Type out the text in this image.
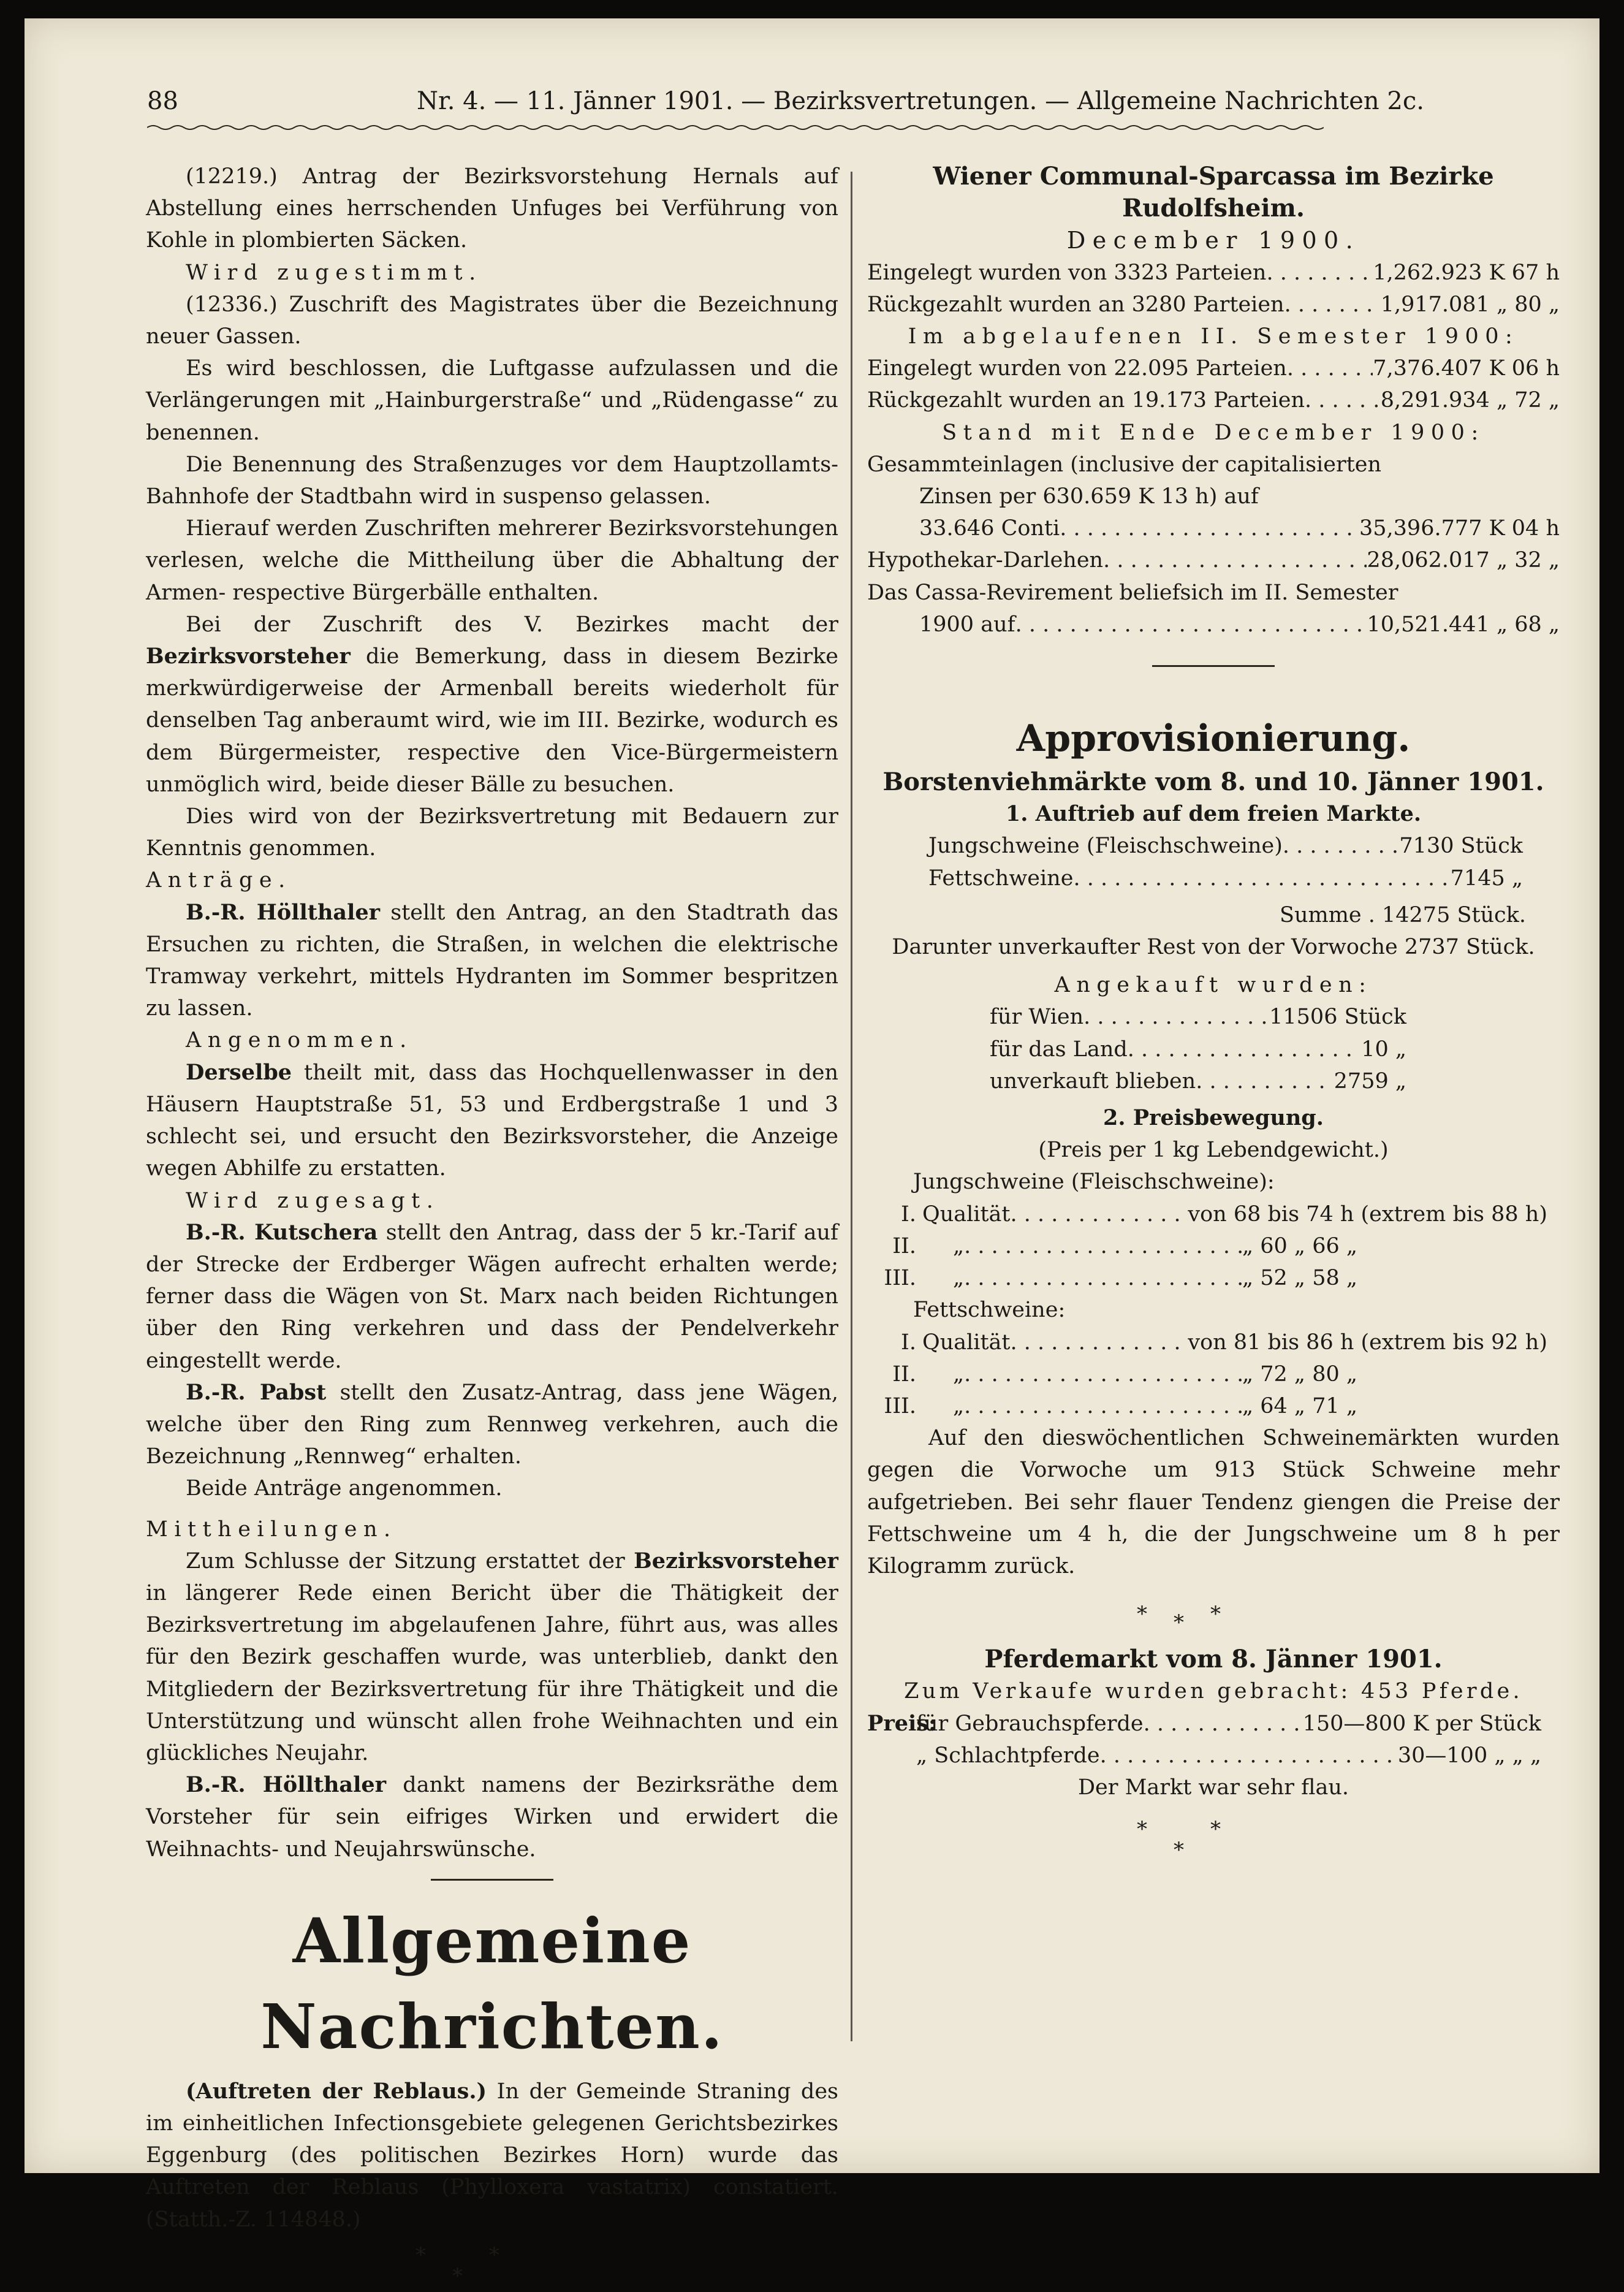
88	Nr. 4. — 11. Jänner 1901. — Bezirksvertretungen. — Allgemeine Nachrichten 2c.

(12219.) Antrag der Bezirksvorstehung Hernals auf Abstellung eines herrschenden Unfuges bei Verführung von Kohle in plombierten Säcken.

Wird zugestimmt.

(12336.) Zuschrift des Magistrates über die Bezeichnung neuer Gassen.

Es wird beschlossen, die Luftgasse aufzulassen und die Verlängerungen mit „Hainburgerstraße“ und „Rüdengasse“ zu benennen.

Die Benennung des Straßenzuges vor dem Hauptzollamts-Bahnhofe der Stadtbahn wird in suspenso gelassen.

Hierauf werden Zuschriften mehrerer Bezirksvorstehungen verlesen, welche die Mittheilung über die Abhaltung der Armen- respective Bürgerbälle enthalten.

Bei der Zuschrift des V. Bezirkes macht der Bezirksvorsteher die Bemerkung, dass in diesem Bezirke merkwürdigerweise der Armenball bereits wiederholt für denselben Tag anberaumt wird, wie im III. Bezirke, wodurch es dem Bürgermeister, respective den Vice-Bürgermeistern unmöglich wird, beide dieser Bälle zu besuchen.

Dies wird von der Bezirksvertretung mit Bedauern zur Kenntnis genommen.

Anträge.

B.-R. Höllthaler stellt den Antrag, an den Stadtrath das Ersuchen zu richten, die Straßen, in welchen die elektrische Tramway verkehrt, mittels Hydranten im Sommer bespritzen zu lassen.

Angenommen.

Derselbe theilt mit, dass das Hochquellenwasser in den Häusern Hauptstraße 51, 53 und Erdbergstraße 1 und 3 schlecht sei, und ersucht den Bezirksvorsteher, die Anzeige wegen Abhilfe zu erstatten.

Wird zugesagt.

B.-R. Kutschera stellt den Antrag, dass der 5 kr.-Tarif auf der Strecke der Erdberger Wägen aufrecht erhalten werde; ferner dass die Wägen von St. Marx nach beiden Richtungen über den Ring verkehren und dass der Pendelverkehr eingestellt werde.

B.-R. Pabst stellt den Zusatz-Antrag, dass jene Wägen, welche über den Ring zum Rennweg verkehren, auch die Bezeichnung „Rennweg“ erhalten.

Beide Anträge angenommen.

Mittheilungen.

Zum Schlusse der Sitzung erstattet der Bezirksvorsteher in längerer Rede einen Bericht über die Thätigkeit der Bezirksvertretung im abgelaufenen Jahre, führt aus, was alles für den Bezirk geschaffen wurde, was unterblieb, dankt den Mitgliedern der Bezirksvertretung für ihre Thätigkeit und die Unterstützung und wünscht allen frohe Weihnachten und ein glückliches Neujahr.

B.-R. Höllthaler dankt namens der Bezirksräthe dem Vorsteher für sein eifriges Wirken und erwidert die Weihnachts- und Neujahrswünsche.

Allgemeine Nachrichten.

(Auftreten der Reblaus.) In der Gemeinde Straning des im einheitlichen Infectionsgebiete gelegenen Gerichtsbezirkes Eggenburg (des politischen Bezirkes Horn) wurde das Auftreten der Reblaus (Phylloxera vastatrix) constatiert. (Statth.-Z. 114848.)

*	*
*
Wiener Communal-Sparcassa im Bezirke Rudolfsheim.
December 1900.
Eingelegt wurden von 3323 Parteien . . .	1,262.923 K 67 h
Rückgezahlt wurden an 3280 Parteien . . .	1,917.081 „ 80 „
Im abgelaufenen II. Semester 1900:
Eingelegt wurden von 22.095 Parteien . . .	7,376.407 K 06 h
Rückgezahlt wurden an 19.173 Parteien . . .	8,291.934 „ 72 „
Stand mit Ende December 1900:
Gesammteinlagen (inclusive der capitalisierten
Zinsen per 630.659 K 13 h) auf
33.646 Conti . . .	35,396.777 K 04 h
Hypothekar-Darlehen . . .	28,062.017 „ 32 „
Das Cassa-Revirement beliefsich im II. Semester
1900 auf . . .	10,521.441 „ 68 „
Approvisionierung.
Borstenviehmärkte vom 8. und 10. Jänner 1901.
1. Auftrieb auf dem freien Markte.
Jungschweine (Fleischschweine) . . .	7130 Stück
Fettschweine . . .	7145 „
Summe . 14275 Stück.
Darunter unverkaufter Rest von der Vorwoche 2737 Stück.
Angekauft wurden:
für Wien . . .	11506 Stück
für das Land . . .	10 „
unverkauft blieben . . .	2759 „
2. Preisbewegung.
(Preis per 1 kg Lebendgewicht.)
Jungschweine (Fleischschweine):
I. Qualität . . .	von 68 bis 74 h (extrem bis 88 h)
II.	„ . . .	„ 60 „ 66 „
III.	„ . . .	„ 52 „ 58 „
Fettschweine:
I. Qualität . . .	von 81 bis 86 h (extrem bis 92 h)
II.	„ . . .	„ 72 „ 80 „
III.	„ . . .	„ 64 „ 71 „

Auf den dieswöchentlichen Schweinemärkten wurden gegen die Vorwoche um 913 Stück Schweine mehr aufgetrieben. Bei sehr flauer Tendenz giengen die Preise der Fettschweine um 4 h, die der Jungschweine um 8 h per Kilogramm zurück.

*	*
*
Pferdemarkt vom 8. Jänner 1901.
Zum Verkaufe wurden gebracht: 453 Pferde.
Preis:
für Gebrauchspferde . . .	150—800 K per Stück
„ Schlachtpferde . . .	30—100 „ „ „
Der Markt war sehr flau.
*	*
*
